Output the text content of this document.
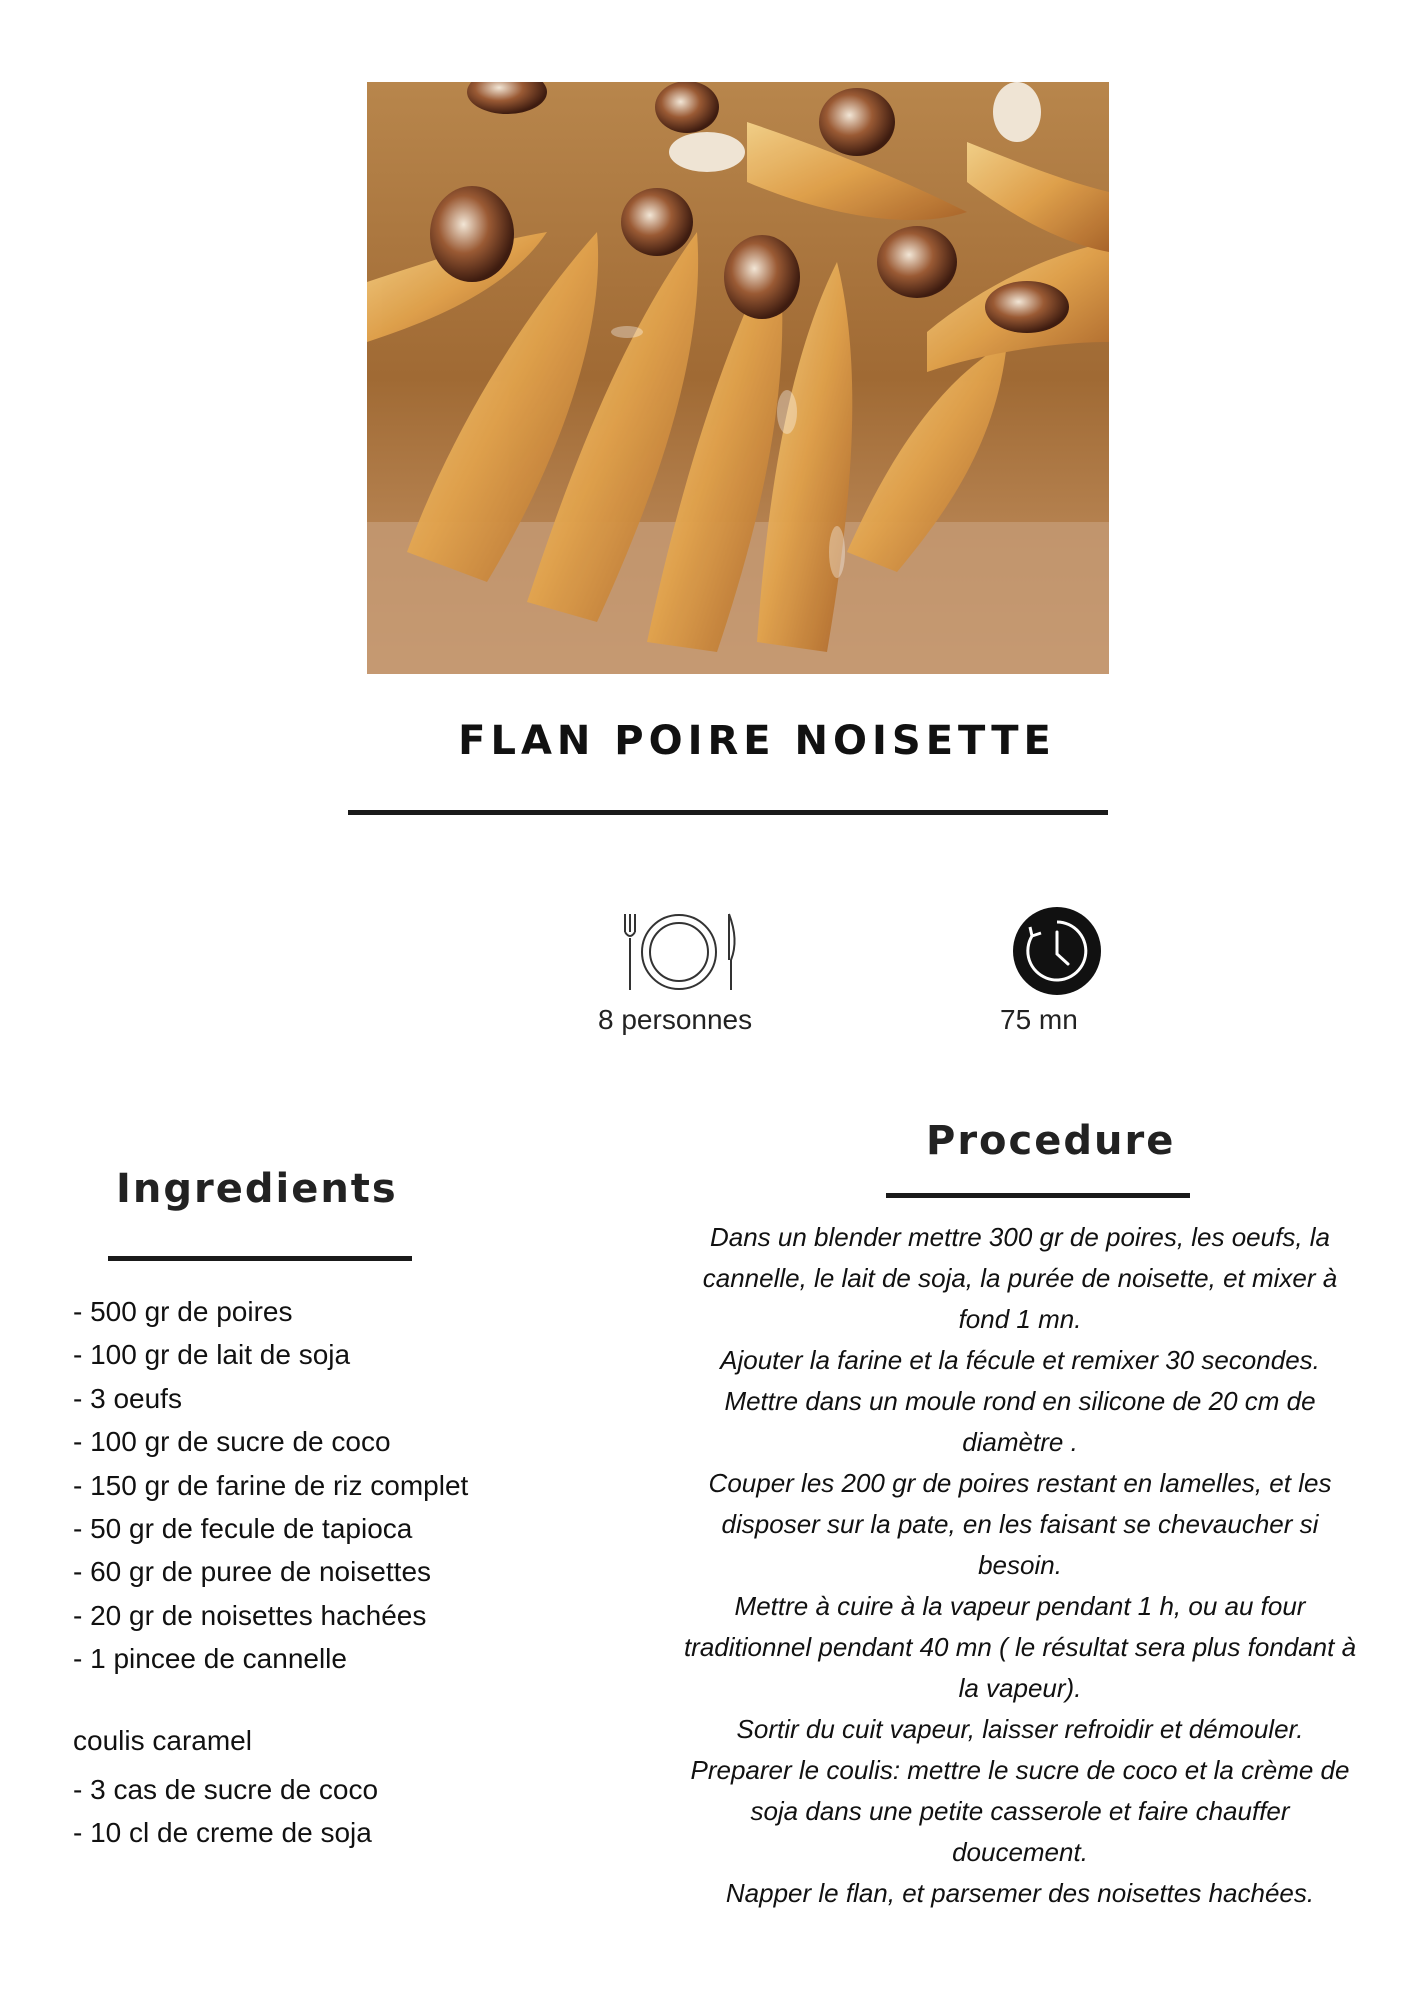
FLAN POIRE NOISETTE
8 personnes	75 mn
Ingredients
- 500 gr de poires
- 100 gr de lait de soja
- 3 oeufs
- 100 gr de sucre de coco
- 150 gr de farine de riz complet
- 50 gr de fecule de tapioca
- 60 gr de puree de noisettes
- 20 gr de noisettes hachées
- 1 pincee de cannelle
coulis caramel
- 3 cas de sucre de coco
- 10 cl de creme de soja
Procedure

Dans un blender mettre 300 gr de poires, les oeufs, la cannelle, le lait de soja, la purée de noisette, et mixer à fond 1 mn.

Ajouter la farine et la fécule et remixer 30 secondes.

Mettre dans un moule rond en silicone de 20 cm de diamètre .

Couper les 200 gr de poires restant en lamelles, et les disposer sur la pate, en les faisant se chevaucher si besoin.

Mettre à cuire à la vapeur pendant 1 h, ou au four traditionnel pendant 40 mn ( le résultat sera plus fondant à la vapeur).

Sortir du cuit vapeur, laisser refroidir et démouler.

Preparer le coulis: mettre le sucre de coco et la crème de soja dans une petite casserole et faire chauffer doucement.

Napper le flan, et parsemer des noisettes hachées.
